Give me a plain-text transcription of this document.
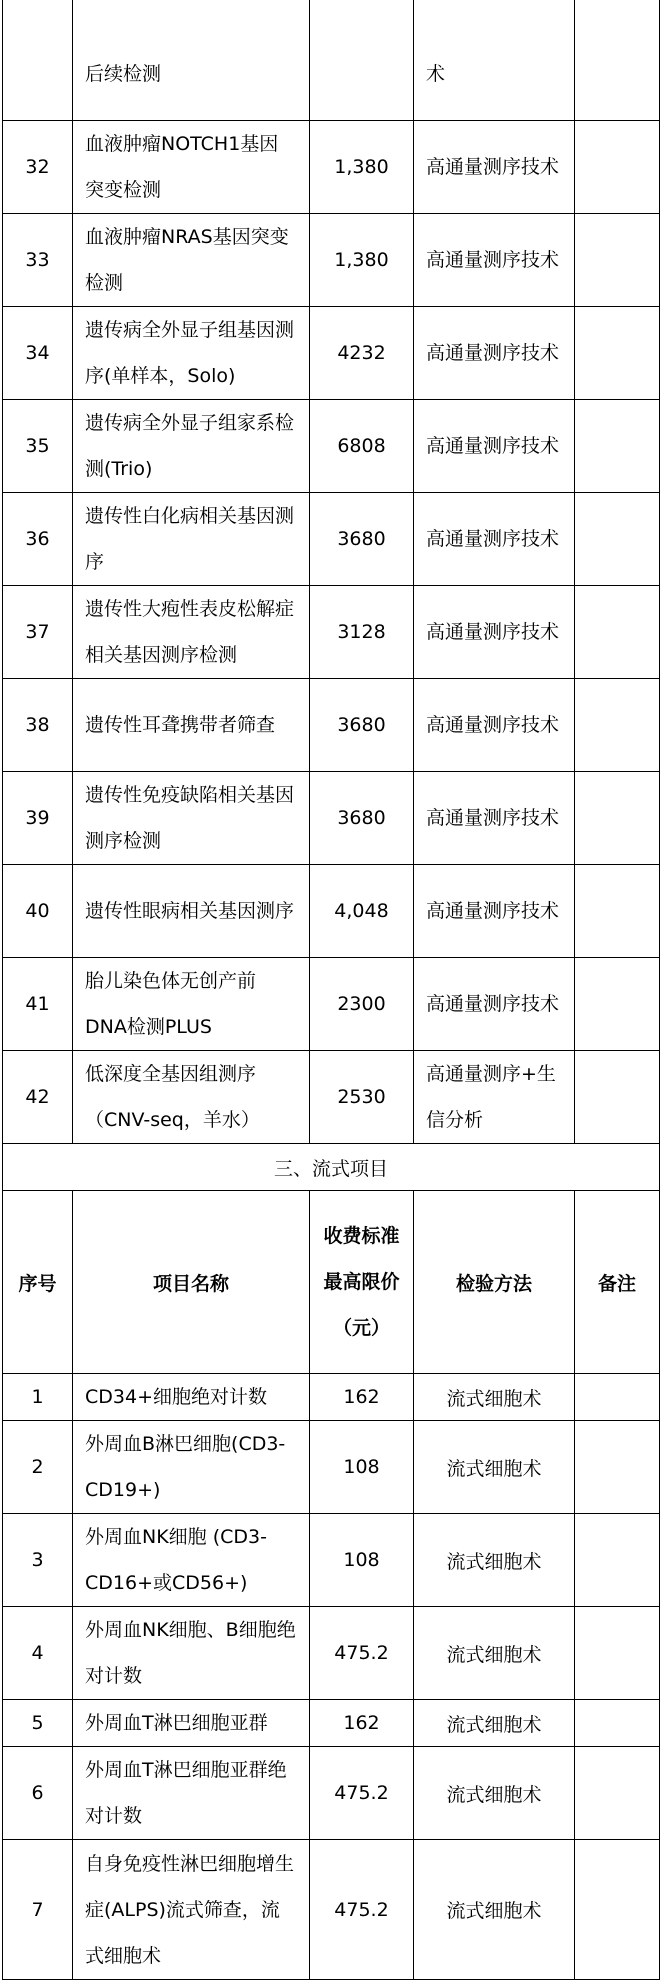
	后续检测		术	
32	血液肿瘤NOTCH1基因突变检测	1,380	高通量测序技术	
33	血液肿瘤NRAS基因突变检测	1,380	高通量测序技术	
34	遗传病全外显子组基因测序(单样本，Solo)	4232	高通量测序技术	
35	遗传病全外显子组家系检测(Trio)	6808	高通量测序技术	
36	遗传性白化病相关基因测序	3680	高通量测序技术	
37	遗传性大疱性表皮松解症相关基因测序检测	3128	高通量测序技术	
38	遗传性耳聋携带者筛查	3680	高通量测序技术	
39	遗传性免疫缺陷相关基因测序检测	3680	高通量测序技术	
40	遗传性眼病相关基因测序	4,048	高通量测序技术	
41	胎儿染色体无创产前DNA检测PLUS	2300	高通量测序技术	
42	低深度全基因组测序（CNV-seq，羊水）	2530	高通量测序+生信分析	
三、流式项目				
序号	项目名称	收费标准最高限价（元）	检验方法	备注
1	CD34+细胞绝对计数	162	流式细胞术	
2	外周血B淋巴细胞(CD3-CD19+)	108	流式细胞术	
3	外周血NK细胞 (CD3-CD16+或CD56+)	108	流式细胞术	
4	外周血NK细胞、B细胞绝对计数	475.2	流式细胞术	
5	外周血T淋巴细胞亚群	162	流式细胞术	
6	外周血T淋巴细胞亚群绝对计数	475.2	流式细胞术	
7	自身免疫性淋巴细胞增生症(ALPS)流式筛查，流式细胞术	475.2	流式细胞术	
